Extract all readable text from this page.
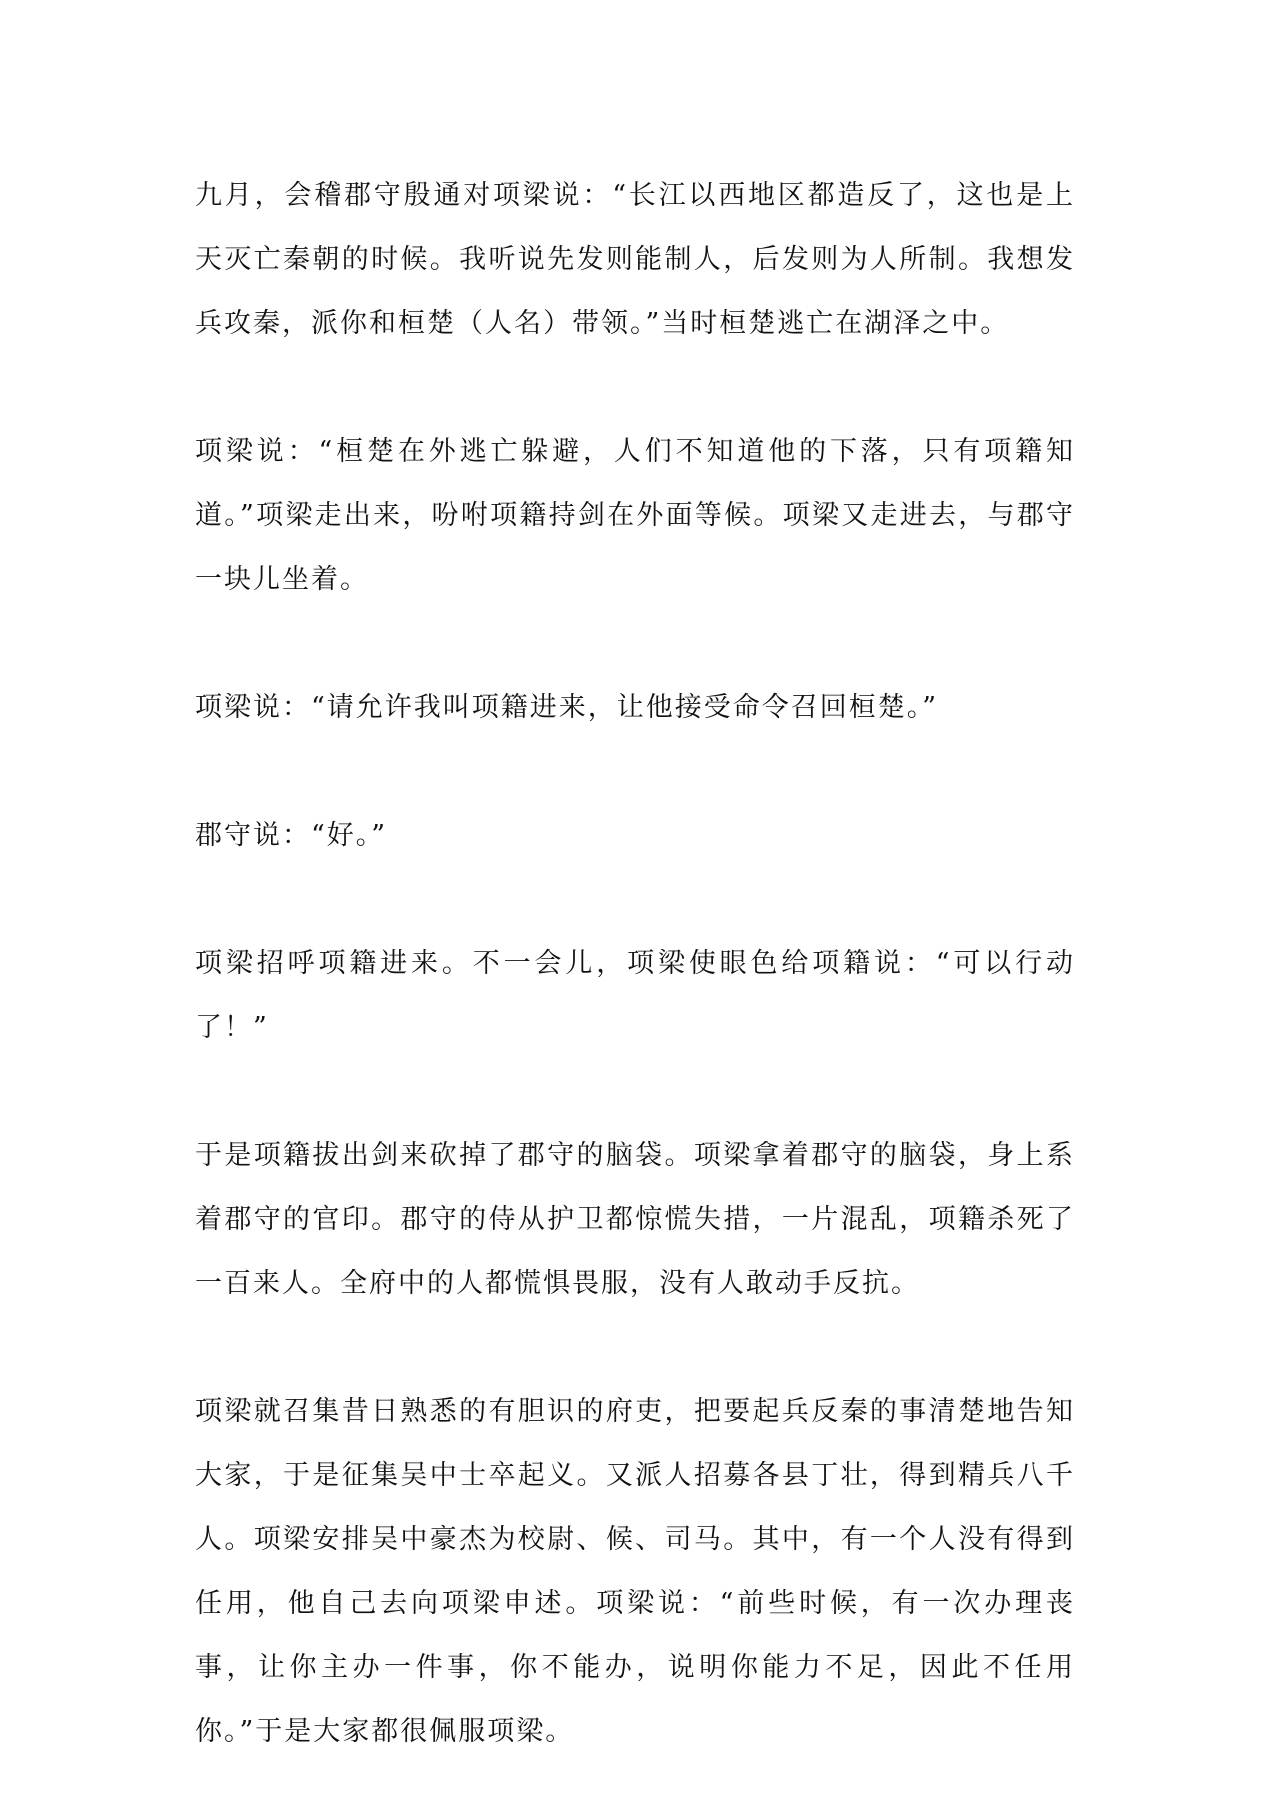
九月，会稽郡守殷通对项梁说：“长江以西地区都造反了，这也是上天灭亡秦朝的时候。我听说先发则能制人，后发则为人所制。我想发兵攻秦，派你和桓楚（人名）带领。”当时桓楚逃亡在湖泽之中。

项梁说：“桓楚在外逃亡躲避，人们不知道他的下落，只有项籍知道。”项梁走出来，吩咐项籍持剑在外面等候。项梁又走进去，与郡守一块儿坐着。

项梁说：“请允许我叫项籍进来，让他接受命令召回桓楚。”

郡守说：“好。”

项梁招呼项籍进来。不一会儿，项梁使眼色给项籍说：“可以行动了！”

于是项籍拔出剑来砍掉了郡守的脑袋。项梁拿着郡守的脑袋，身上系着郡守的官印。郡守的侍从护卫都惊慌失措，一片混乱，项籍杀死了一百来人。全府中的人都慌惧畏服，没有人敢动手反抗。

项梁就召集昔日熟悉的有胆识的府吏，把要起兵反秦的事清楚地告知大家，于是征集吴中士卒起义。又派人招募各县丁壮，得到精兵八千人。项梁安排吴中豪杰为校尉、候、司马。其中，有一个人没有得到任用，他自己去向项梁申述。项梁说：“前些时候，有一次办理丧事，让你主办一件事，你不能办，说明你能力不足，因此不任用你。”于是大家都很佩服项梁。
